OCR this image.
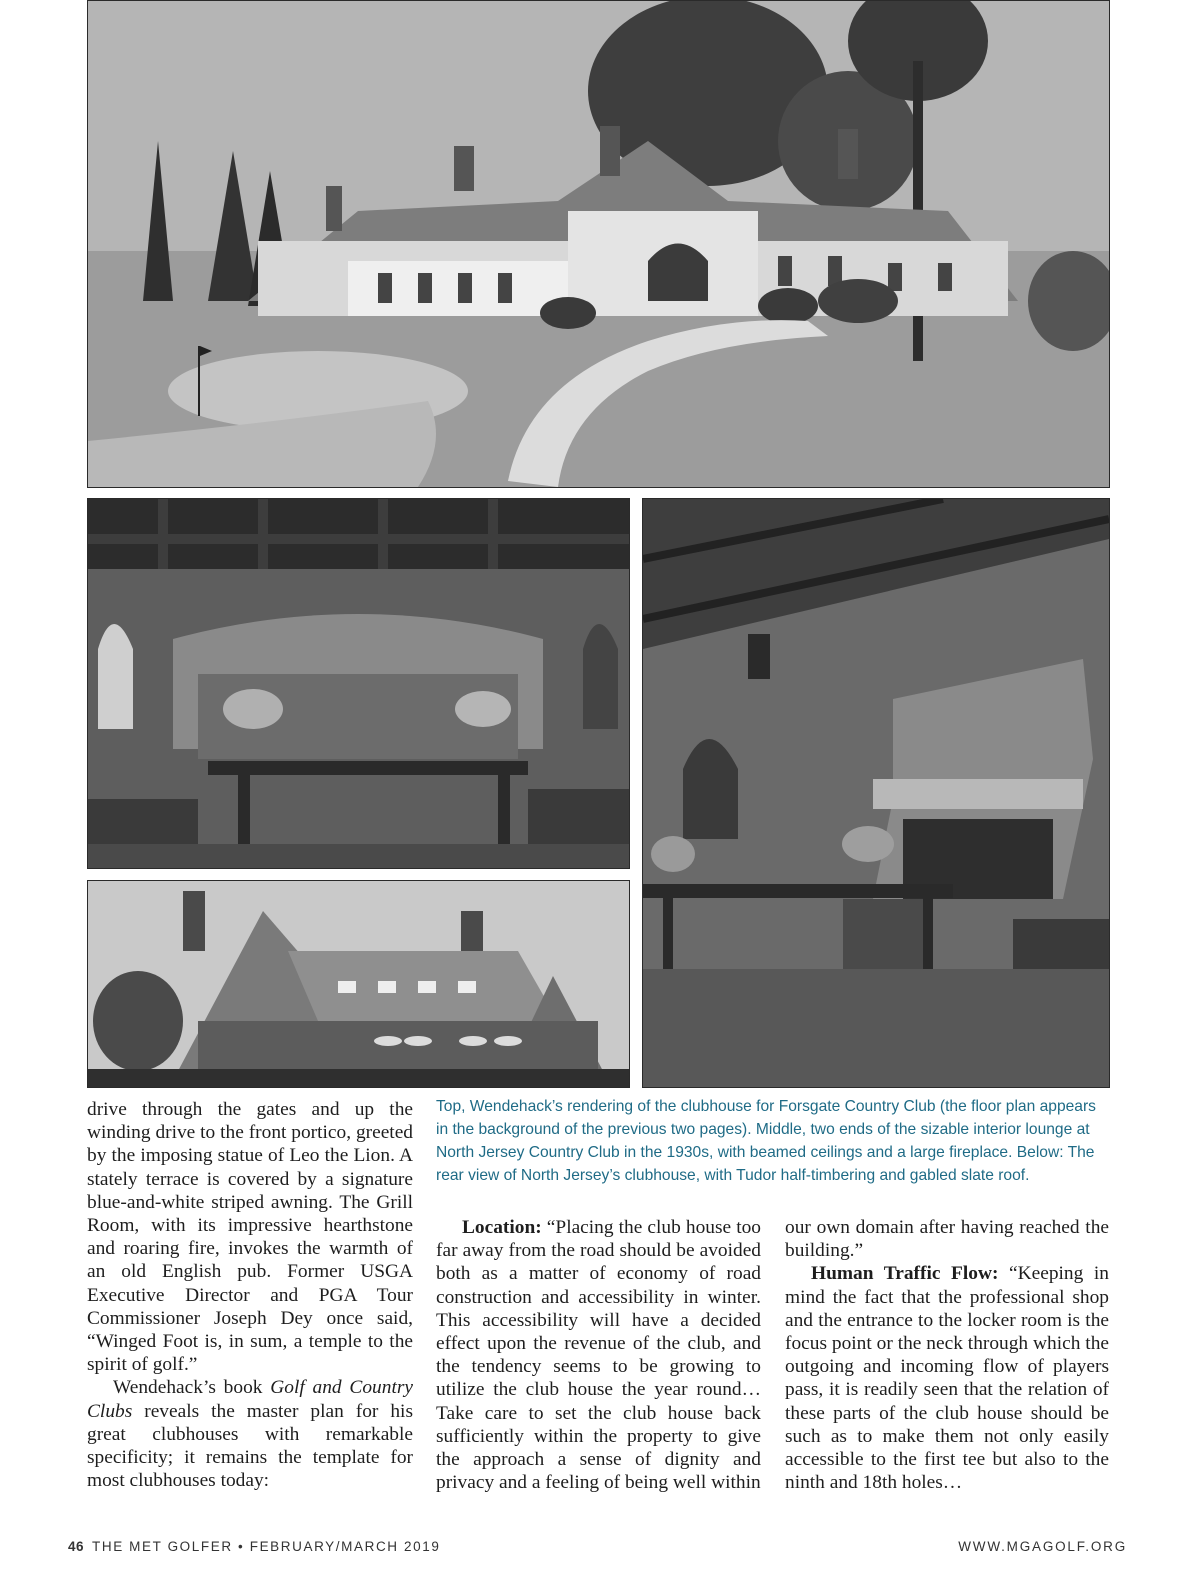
drive through the gates and up the winding drive to the front portico, greeted by the imposing statue of Leo the Lion. A stately terrace is covered by a signature blue-and-white striped awning. The Grill Room, with its impressive hearthstone and roaring fire, invokes the warmth of an old English pub. Former USGA Executive Director and PGA Tour Commissioner Joseph Dey once said, “Winged Foot is, in sum, a temple to the spirit of golf.”

Wendehack’s book Golf and Country Clubs reveals the master plan for his great clubhouses with remarkable specificity; it remains the template for most clubhouses today:

Top, Wendehack’s rendering of the clubhouse for Forsgate Country Club (the floor plan appears in the background of the previous two pages). Middle, two ends of the sizable interior lounge at North Jersey Country Club in the 1930s, with beamed ceilings and a large fireplace. Below: The rear view of North Jersey’s clubhouse, with Tudor half-timbering and gabled slate roof.

Location: “Placing the club house too far away from the road should be avoided both as a matter of economy of road construction and accessibility in winter. This accessibility will have a decided effect upon the revenue of the club, and the tendency seems to be growing to utilize the club house the year round…Take care to set the club house back sufficiently within the property to give the approach a sense of dignity and privacy and a feeling of being well within

our own domain after having reached the building.”

Human Traffic Flow: “Keeping in mind the fact that the professional shop and the entrance to the locker room is the focus point or the neck through which the outgoing and incoming flow of players pass, it is readily seen that the relation of these parts of the club house should be such as to make them not only easily accessible to the first tee but also to the ninth and 18th holes…

46 THE MET GOLFER • FEBRUARY/MARCH 2019	WWW.MGAGOLF.ORG
